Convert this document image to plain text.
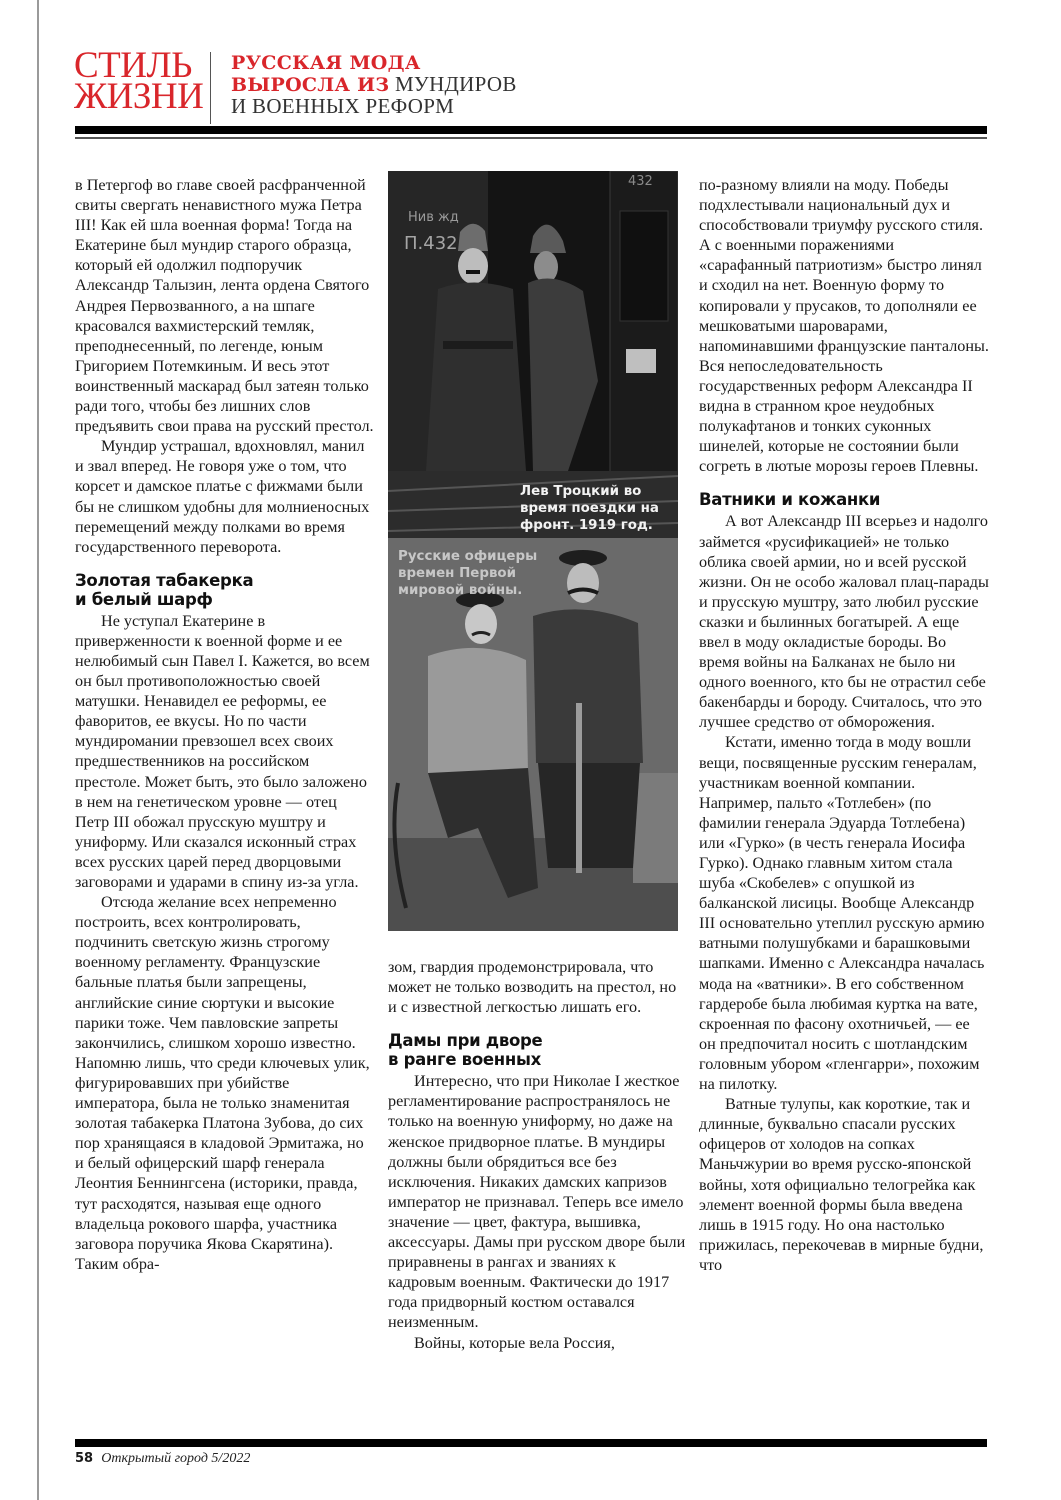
СТИЛЬ
ЖИЗНИ
РУССКАЯ МОДА
ВЫРОСЛА ИЗ МУНДИРОВ
И ВОЕННЫХ РЕФОРМ

в Петергоф во главе своей расфранченной свиты свергать ненавистного мужа Петра III! Как ей шла военная форма! Тогда на Екатерине был мундир старого образца, который ей одолжил подпоручик Александр Талызин, лента ордена Святого Андрея Первозванного, а на шпаге красовался вахмистерский темляк, преподнесенный, по легенде, юным Григорием Потемкиным. И весь этот воинственный маскарад был затеян только ради того, чтобы без лишних слов предъявить свои права на русский престол.

Мундир устрашал, вдохновлял, манил и звал вперед. Не говоря уже о том, что корсет и дамское платье с фижмами были бы не слишком удобны для молниеносных перемещений между полками во время государственного переворота.

Золотая табакерка
и белый шарф

Не уступал Екатерине в приверженности к военной форме и ее нелюбимый сын Павел I. Кажется, во всем он был противоположностью своей матушки. Ненавидел ее реформы, ее фаворитов, ее вкусы. Но по части мундиромании превзошел всех своих предшественников на российском престоле. Может быть, это было заложено в нем на генетическом уровне — отец Петр III обожал прусскую муштру и униформу. Или сказался исконный страх всех русских царей перед дворцовыми заговорами и ударами в спину из-за угла.

Отсюда желание всех непременно построить, всех контролировать, подчинить светскую жизнь строгому военному регламенту. Французские бальные платья были запрещены, английские синие сюртуки и высокие парики тоже. Чем павловские запреты закончились, слишком хорошо известно. Напомню лишь, что среди ключевых улик, фигурировавших при убийстве императора, была не только знаменитая золотая табакерка Платона Зубова, до сих пор хранящаяся в кладовой Эрмитажа, но и белый офицерский шарф генерала Леонтия Беннингсена (историки, правда, тут расходятся, называя еще одного владельца рокового шарфа, участника заговора поручика Якова Скарятина). Таким обра-

Нив жд
П.432
432
Лев Троцкий во
время поездки на
фронт. 1919 год.
Русские офицеры
времен Первой
мировой войны.

зом, гвардия продемонстрировала, что может не только возводить на престол, но и с известной легкостью лишать его.

Дамы при дворе
в ранге военных

Интересно, что при Николае I жесткое регламентирование распространялось не только на военную униформу, но даже на женское придворное платье. В мундиры должны были обрядиться все без исключения. Никаких дамских капризов император не признавал. Теперь все имело значение — цвет, фактура, вышивка, аксессуары. Дамы при русском дворе были приравнены в рангах и званиях к кадровым военным. Фактически до 1917 года придворный костюм оставался неизменным.

Войны, которые вела Россия,

по-разному влияли на моду. Победы подхлестывали национальный дух и способствовали триумфу русского стиля. А с военными поражениями «сарафанный патриотизм» быстро линял и сходил на нет. Военную форму то копировали у прусаков, то дополняли ее мешковатыми шароварами, напоминавшими французские панталоны. Вся непоследовательность государственных реформ Александра II видна в странном крое неудобных полукафтанов и тонких суконных шинелей, которые не состоянии были согреть в лютые морозы героев Плевны.

Ватники и кожанки

А вот Александр III всерьез и надолго займется «русификацией» не только облика своей армии, но и всей русской жизни. Он не особо жаловал плац-парады и прусскую муштру, зато любил русские сказки и былинных богатырей. А еще ввел в моду окладистые бороды. Во время войны на Балканах не было ни одного военного, кто бы не отрастил себе бакенбарды и бороду. Считалось, что это лучшее средство от обморожения.

Кстати, именно тогда в моду вошли вещи, посвященные русским генералам, участникам военной компании. Например, пальто «Тотлебен» (по фамилии генерала Эдуарда Тотлебена) или «Гурко» (в честь генерала Иосифа Гурко). Однако главным хитом стала шуба «Скобелев» с опушкой из балканской лисицы. Вообще Александр III основательно утеплил русскую армию ватными полушубками и барашковыми шапками. Именно с Александра началась мода на «ватники». В его собственном гардеробе была любимая куртка на вате, скроенная по фасону охотничьей, — ее он предпочитал носить с шотландским головным убором «гленгарри», похожим на пилотку.

Ватные тулупы, как короткие, так и длинные, буквально спасали русских офицеров от холодов на сопках Маньчжурии во время русско-японской войны, хотя официально телогрейка как элемент военной формы была введена лишь в 1915 году. Но она настолько прижилась, перекочевав в мирные будни, что

58 Открытый город 5/2022
